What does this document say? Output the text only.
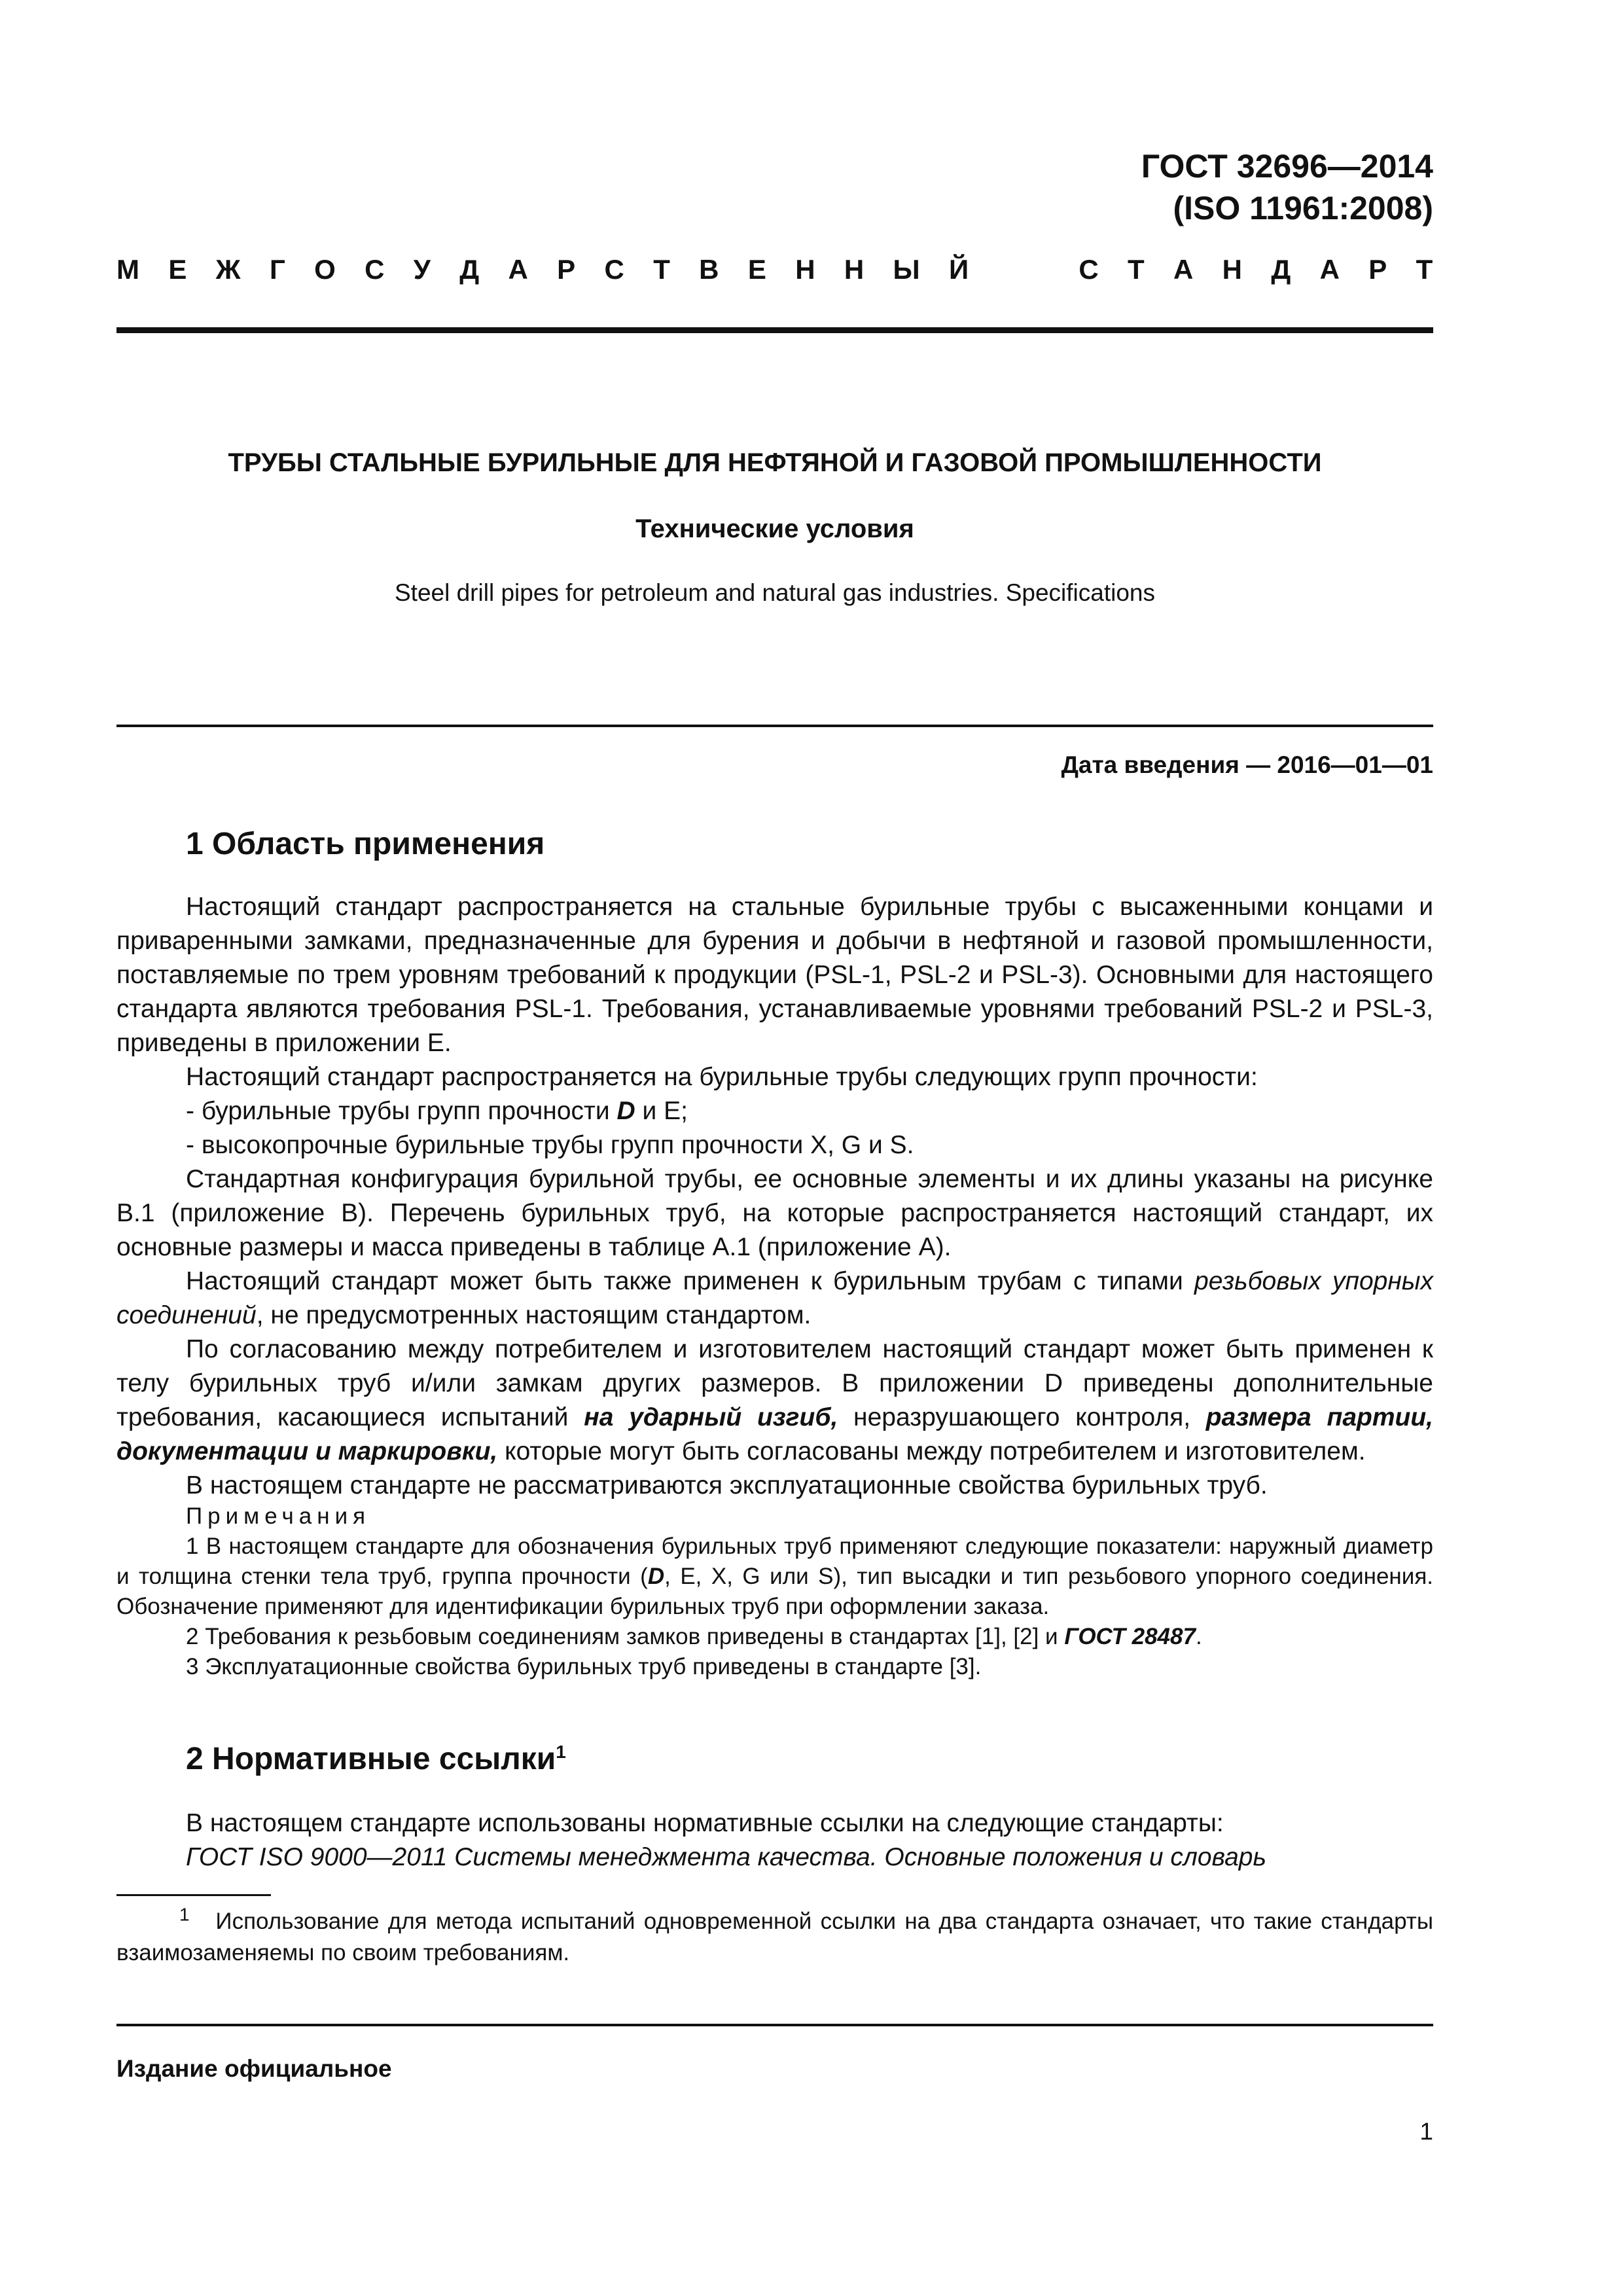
ГОСТ 32696—2014
(ISO 11961:2008)
М Е Ж Г О С У Д А Р С Т В Е Н Н Ы Й	С Т А Н Д А Р Т
ТРУБЫ СТАЛЬНЫЕ БУРИЛЬНЫЕ ДЛЯ НЕФТЯНОЙ И ГАЗОВОЙ ПРОМЫШЛЕННОСТИ
Технические условия
Steel drill pipes for petroleum and natural gas industries. Specifications
Дата введения — 2016—01—01
1 Область применения

Настоящий стандарт распространяется на стальные бурильные трубы с высаженными концами и приваренными замками, предназначенные для бурения и добычи в нефтяной и газовой промышленности, поставляемые по трем уровням требований к продукции (PSL-1, PSL-2 и PSL-3). Основными для настоящего стандарта являются требования PSL-1. Требования, устанавливаемые уровнями требований PSL-2 и PSL-3, приведены в приложении Е.

Настоящий стандарт распространяется на бурильные трубы следующих групп прочности:

- бурильные трубы групп прочности D и Е;

- высокопрочные бурильные трубы групп прочности X, G и S.

Стандартная конфигурация бурильной трубы, ее основные элементы и их длины указаны на рисунке В.1 (приложение В). Перечень бурильных труб, на которые распространяется настоящий стандарт, их основные размеры и масса приведены в таблице А.1 (приложение А).

Настоящий стандарт может быть также применен к бурильным трубам с типами резьбовых упорных соединений, не предусмотренных настоящим стандартом.

По согласованию между потребителем и изготовителем настоящий стандарт может быть применен к телу бурильных труб и/или замкам других размеров. В приложении D приведены дополнительные требования, касающиеся испытаний на ударный изгиб, неразрушающего контроля, размера партии, документации и маркировки, которые могут быть согласованы между потребителем и изготовителем.

В настоящем стандарте не рассматриваются эксплуатационные свойства бурильных труб.

Примечания

1 В настоящем стандарте для обозначения бурильных труб применяют следующие показатели: наружный диаметр и толщина стенки тела труб, группа прочности (D, Е, X, G или S), тип высадки и тип резьбового упорного соединения. Обозначение применяют для идентификации бурильных труб при оформлении заказа.

2 Требования к резьбовым соединениям замков приведены в стандартах [1], [2] и ГОСТ 28487.

3 Эксплуатационные свойства бурильных труб приведены в стандарте [3].

2 Нормативные ссылки$^1$

В настоящем стандарте использованы нормативные ссылки на следующие стандарты:

ГОСТ ISO 9000—2011 Системы менеджмента качества. Основные положения и словарь

$^1$ Использование для метода испытаний одновременной ссылки на два стандарта означает, что такие стандарты взаимозаменяемы по своим требованиям.

Издание официальное
1
